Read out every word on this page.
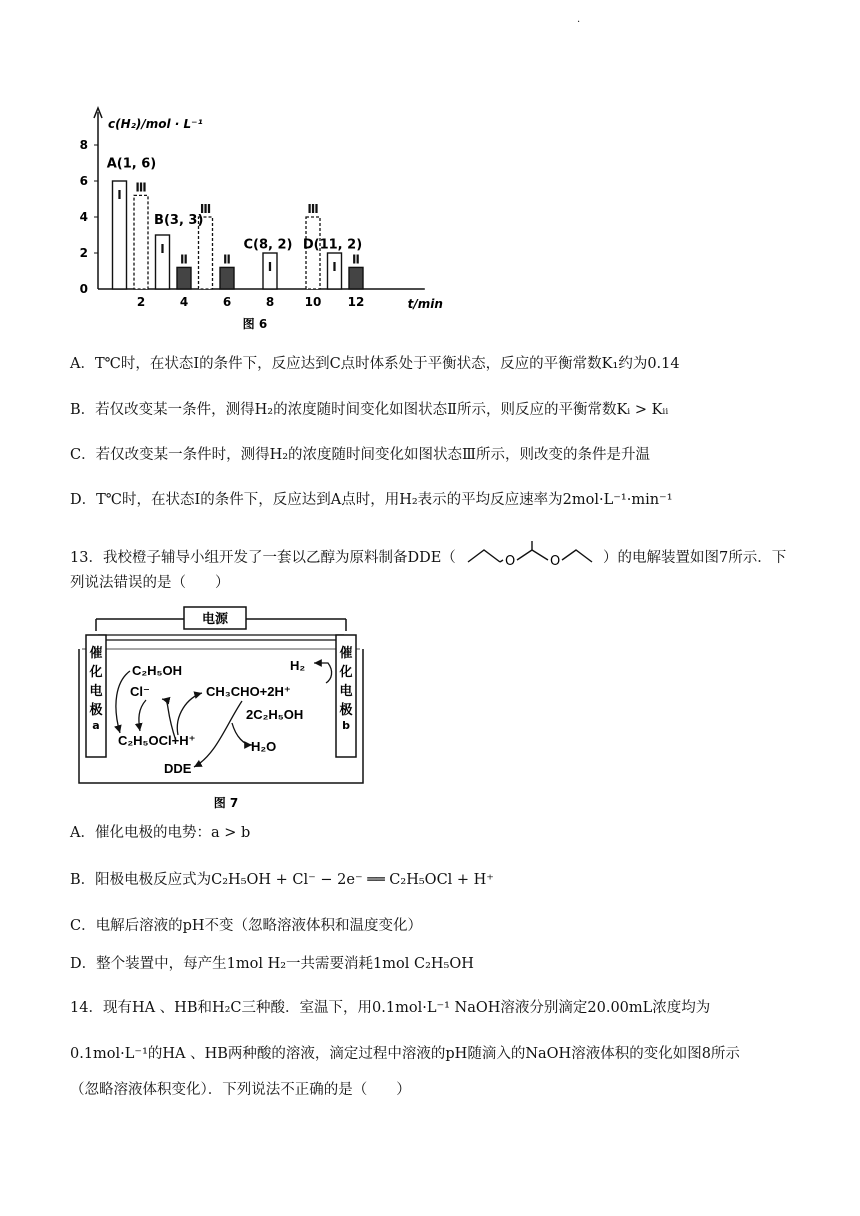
.
c(H₂)/mol · L⁻¹
t/min
0
2
4
6
8
2	4	6	8	10 12
Ⅰ
Ⅲ
Ⅰ
Ⅱ
Ⅲ
Ⅱ
Ⅰ
Ⅲ
Ⅰ
Ⅱ
A(1, 6)
B(3, 3)
C(8, 2) D(11, 2)
图 6
A．T℃时，在状态Ⅰ的条件下，反应达到C点时体系处于平衡状态，反应的平衡常数K₁约为0.14
B．若仅改变某一条件，测得H₂的浓度随时间变化如图状态Ⅱ所示，则反应的平衡常数Kᵢ > Kᵢᵢ
C．若仅改变某一条件时，测得H₂的浓度随时间变化如图状态Ⅲ所示，则改变的条件是升温
D．T℃时，在状态Ⅰ的条件下，反应达到A点时，用H₂表示的平均反应速率为2mol·L⁻¹·min⁻¹
13．我校橙子辅导小组开发了一套以乙醇为原料制备DDE（	O	O	）的电解装置如图7所示．下
列说法错误的是（　　）
电源
催
化
电
极
a
催
化
电
极
b
C₂H₅OH
Cl⁻	CH₃CHO+2H⁺
2C₂H₅OH
C₂H₅OCl+H⁺	H₂O
DDE
H₂
图 7
A．催化电极的电势：a > b
B．阳极电极反应式为C₂H₅OH + Cl⁻ − 2e⁻ ══ C₂H₅OCl + H⁺
C．电解后溶液的pH不变（忽略溶液体积和温度变化）
D．整个装置中，每产生1mol H₂一共需要消耗1mol C₂H₅OH
14．现有HA 、HB和H₂C三种酸．室温下，用0.1mol·L⁻¹ NaOH溶液分别滴定20.00mL浓度均为
0.1mol·L⁻¹的HA 、HB两种酸的溶液，滴定过程中溶液的pH随滴入的NaOH溶液体积的变化如图8所示
（忽略溶液体积变化）．下列说法不正确的是（　　）
